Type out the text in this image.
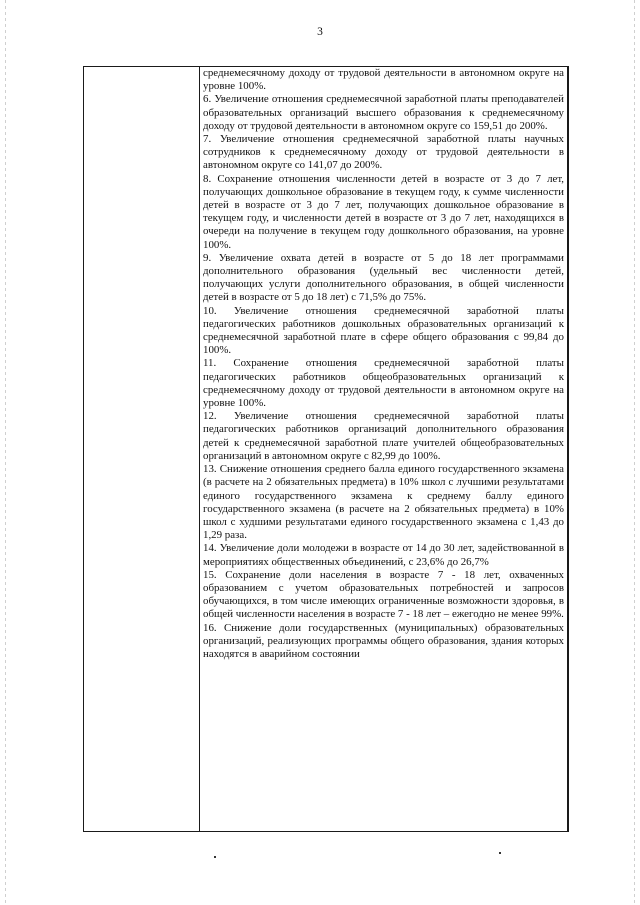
3

среднемесячному доходу от трудовой деятельности в автономном округе на уровне 100%.

6. Увеличение отношения среднемесячной заработной платы преподавателей образовательных организаций высшего образования к среднемесячному доходу от трудовой деятельности в автономном округе со 159,51 до 200%.

7. Увеличение отношения среднемесячной заработной платы научных сотрудников к среднемесячному доходу от трудовой деятельности в автономном округе со 141,07 до 200%.

8. Сохранение отношения численности детей в возрасте от 3 до 7 лет, получающих дошкольное образование в текущем году, к сумме численности детей в возрасте от 3 до 7 лет, получающих дошкольное образование в текущем году, и численности детей в возрасте от 3 до 7 лет, находящихся в очереди на получение в текущем году дошкольного образования, на уровне 100%.

9. Увеличение охвата детей в возрасте от 5 до 18 лет программами дополнительного образования (удельный вес численности детей, получающих услуги дополнительного образования, в общей численности детей в возрасте от 5 до 18 лет) с 71,5% до 75%.

10. Увеличение отношения среднемесячной заработной платы педагогических работников дошкольных образовательных организаций к среднемесячной заработной плате в сфере общего образования с 99,84 до 100%.

11. Сохранение отношения среднемесячной заработной платы педагогических работников общеобразовательных организаций к среднемесячному доходу от трудовой деятельности в автономном округе на уровне 100%.

12. Увеличение отношения среднемесячной заработной платы педагогических работников организаций дополнительного образования детей к среднемесячной заработной плате учителей общеобразовательных организаций в автономном округе с 82,99 до 100%.

13. Снижение отношения среднего балла единого государственного экзамена (в расчете на 2 обязательных предмета) в 10% школ с лучшими результатами единого государственного экзамена к среднему баллу единого государственного экзамена (в расчете на 2 обязательных предмета) в 10% школ с худшими результатами единого государственного экзамена с 1,43 до 1,29 раза.

14. Увеличение доли молодежи в возрасте от 14 до 30 лет, задействованной в мероприятиях общественных объединений, с 23,6% до 26,7%

15. Сохранение доли населения в возрасте 7 - 18 лет, охваченных образованием с учетом образовательных потребностей и запросов обучающихся, в том числе имеющих ограниченные возможности здоровья, в общей численности населения в возрасте 7 - 18 лет – ежегодно не менее 99%.

16. Снижение доли государственных (муниципальных) образовательных организаций, реализующих программы общего образования, здания которых находятся в аварийном состоянии
